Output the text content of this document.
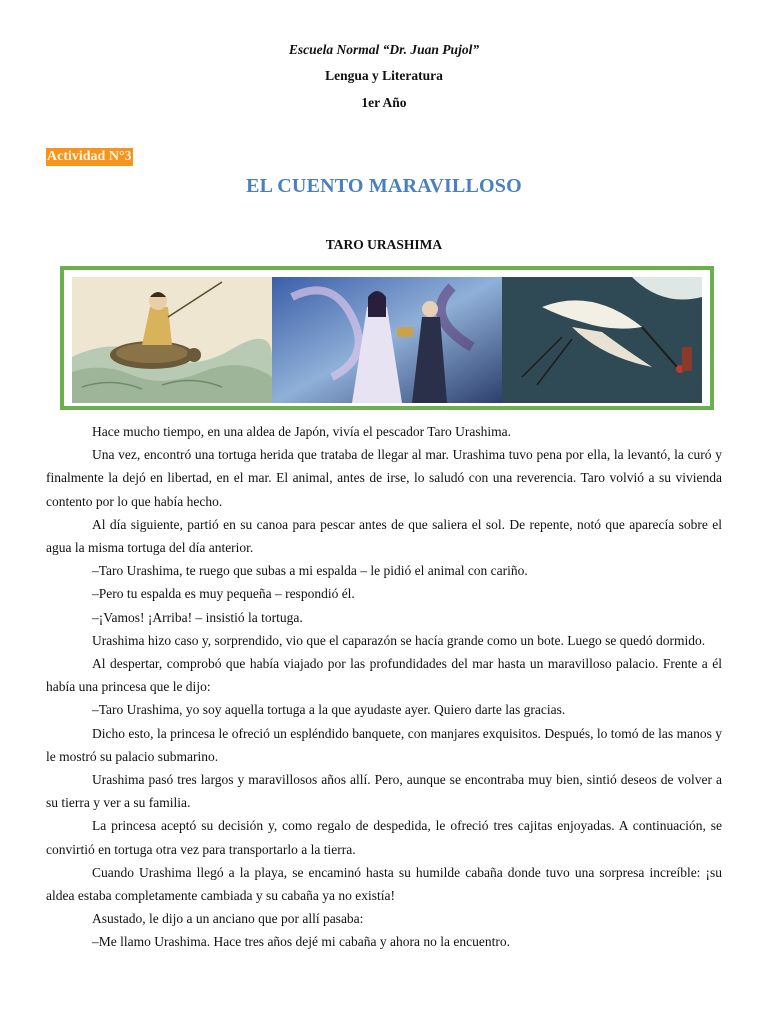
Escuela Normal “Dr. Juan Pujol”
Lengua y Literatura
1er Año
Actividad N°3
EL CUENTO MARAVILLOSO
TARO URASHIMA

Hace mucho tiempo, en una aldea de Japón, vivía el pescador Taro Urashima.

Una vez, encontró una tortuga herida que trataba de llegar al mar. Urashima tuvo pena por ella, la levantó, la curó y finalmente la dejó en libertad, en el mar. El animal, antes de irse, lo saludó con una reverencia. Taro volvió a su vivienda contento por lo que había hecho.

Al día siguiente, partió en su canoa para pescar antes de que saliera el sol. De repente, notó que aparecía sobre el agua la misma tortuga del día anterior.

–Taro Urashima, te ruego que subas a mi espalda – le pidió el animal con cariño.

–Pero tu espalda es muy pequeña – respondió él.

–¡Vamos! ¡Arriba! – insistió la tortuga.

Urashima hizo caso y, sorprendido, vio que el caparazón se hacía grande como un bote. Luego se quedó dormido.

Al despertar, comprobó que había viajado por las profundidades del mar hasta un maravilloso palacio. Frente a él había una princesa que le dijo:

–Taro Urashima, yo soy aquella tortuga a la que ayudaste ayer. Quiero darte las gracias.

Dicho esto, la princesa le ofreció un espléndido banquete, con manjares exquisitos. Después, lo tomó de las manos y le mostró su palacio submarino.

Urashima pasó tres largos y maravillosos años allí. Pero, aunque se encontraba muy bien, sintió deseos de volver a su tierra y ver a su familia.

La princesa aceptó su decisión y, como regalo de despedida, le ofreció tres cajitas enjoyadas. A continuación, se convirtió en tortuga otra vez para transportarlo a la tierra.

Cuando Urashima llegó a la playa, se encaminó hasta su humilde cabaña donde tuvo una sorpresa increíble: ¡su aldea estaba completamente cambiada y su cabaña ya no existía!

Asustado, le dijo a un anciano que por allí pasaba:

–Me llamo Urashima. Hace tres años dejé mi cabaña y ahora no la encuentro.
